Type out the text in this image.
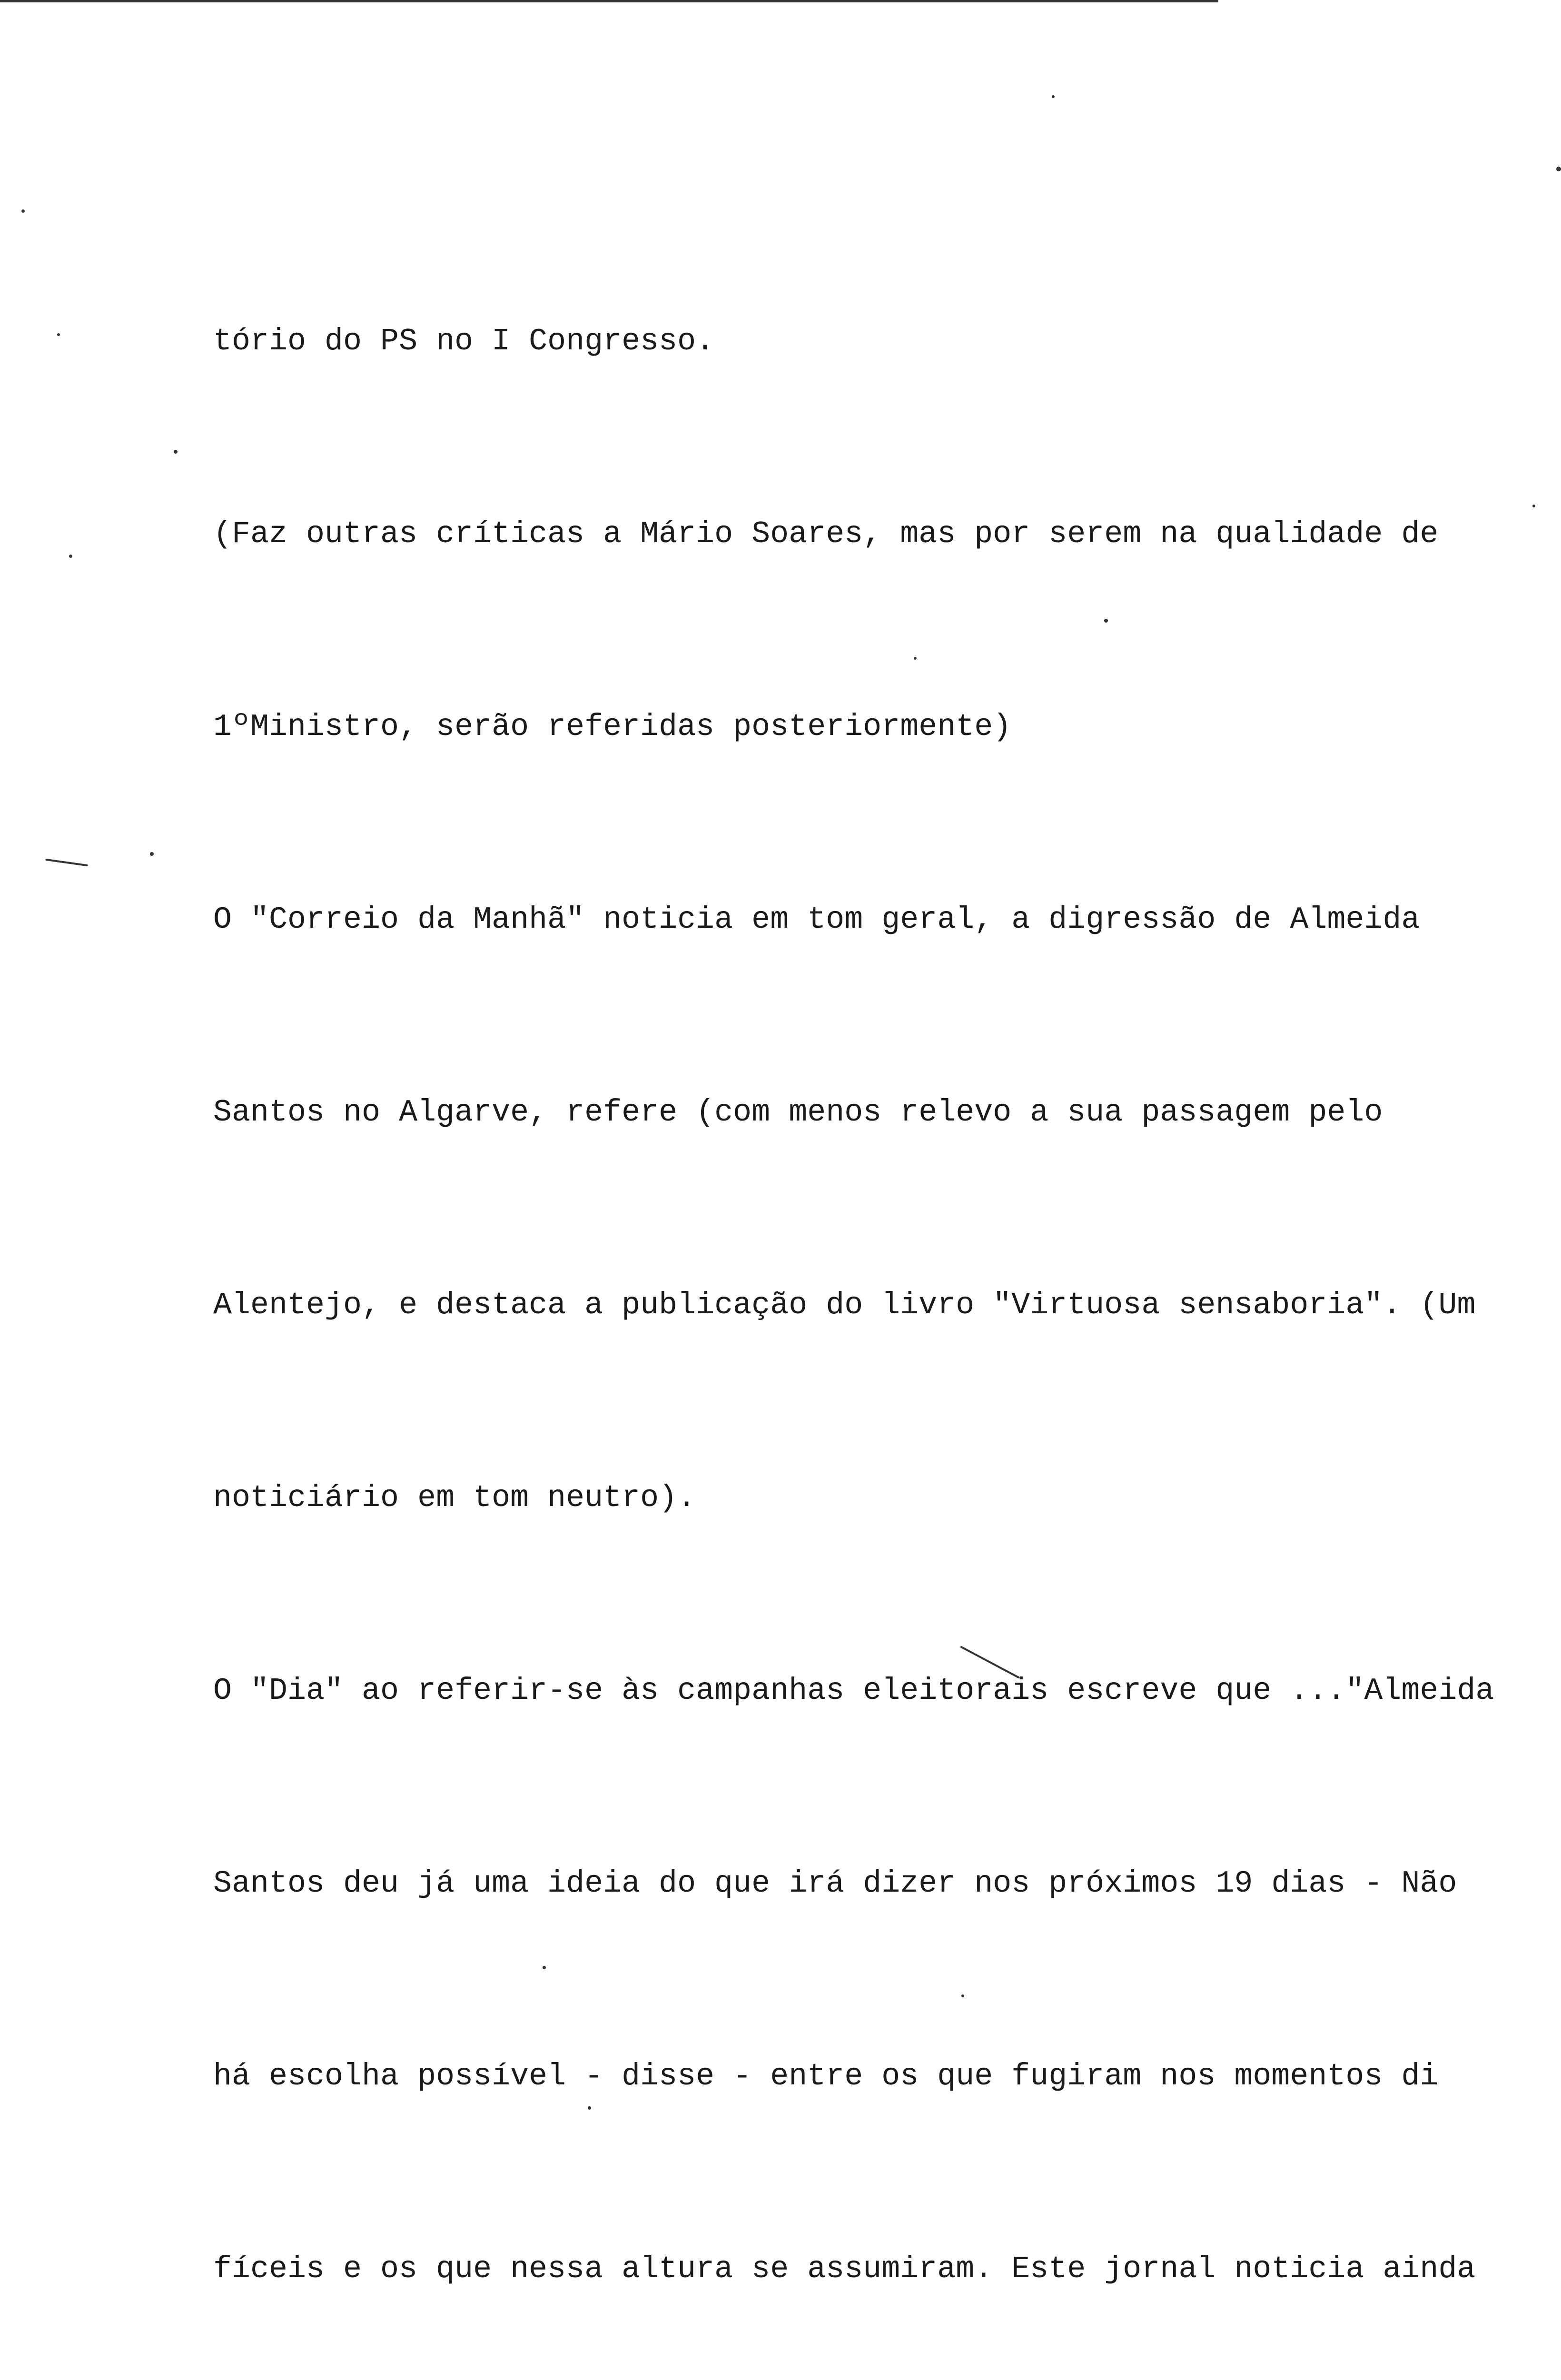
tório do PS no I Congresso.

(Faz outras críticas a Mário Soares, mas por serem na qualidade de

1ºMinistro, serão referidas posteriormente)

O "Correio da Manhã" noticia em tom geral, a digressão de Almeida

Santos no Algarve, refere (com menos relevo a sua passagem pelo

Alentejo, e destaca a publicação do livro "Virtuosa sensaboria". (Um

noticiário em tom neutro).

O "Dia" ao referir-se às campanhas eleitorais escreve que ..."Almeida

Santos deu já uma ideia do que irá dizer nos próximos 19 dias - Não

há escolha possível - disse - entre os que fugiram nos momentos di

fíceis e os que nessa altura se assumiram. Este jornal noticia ainda
